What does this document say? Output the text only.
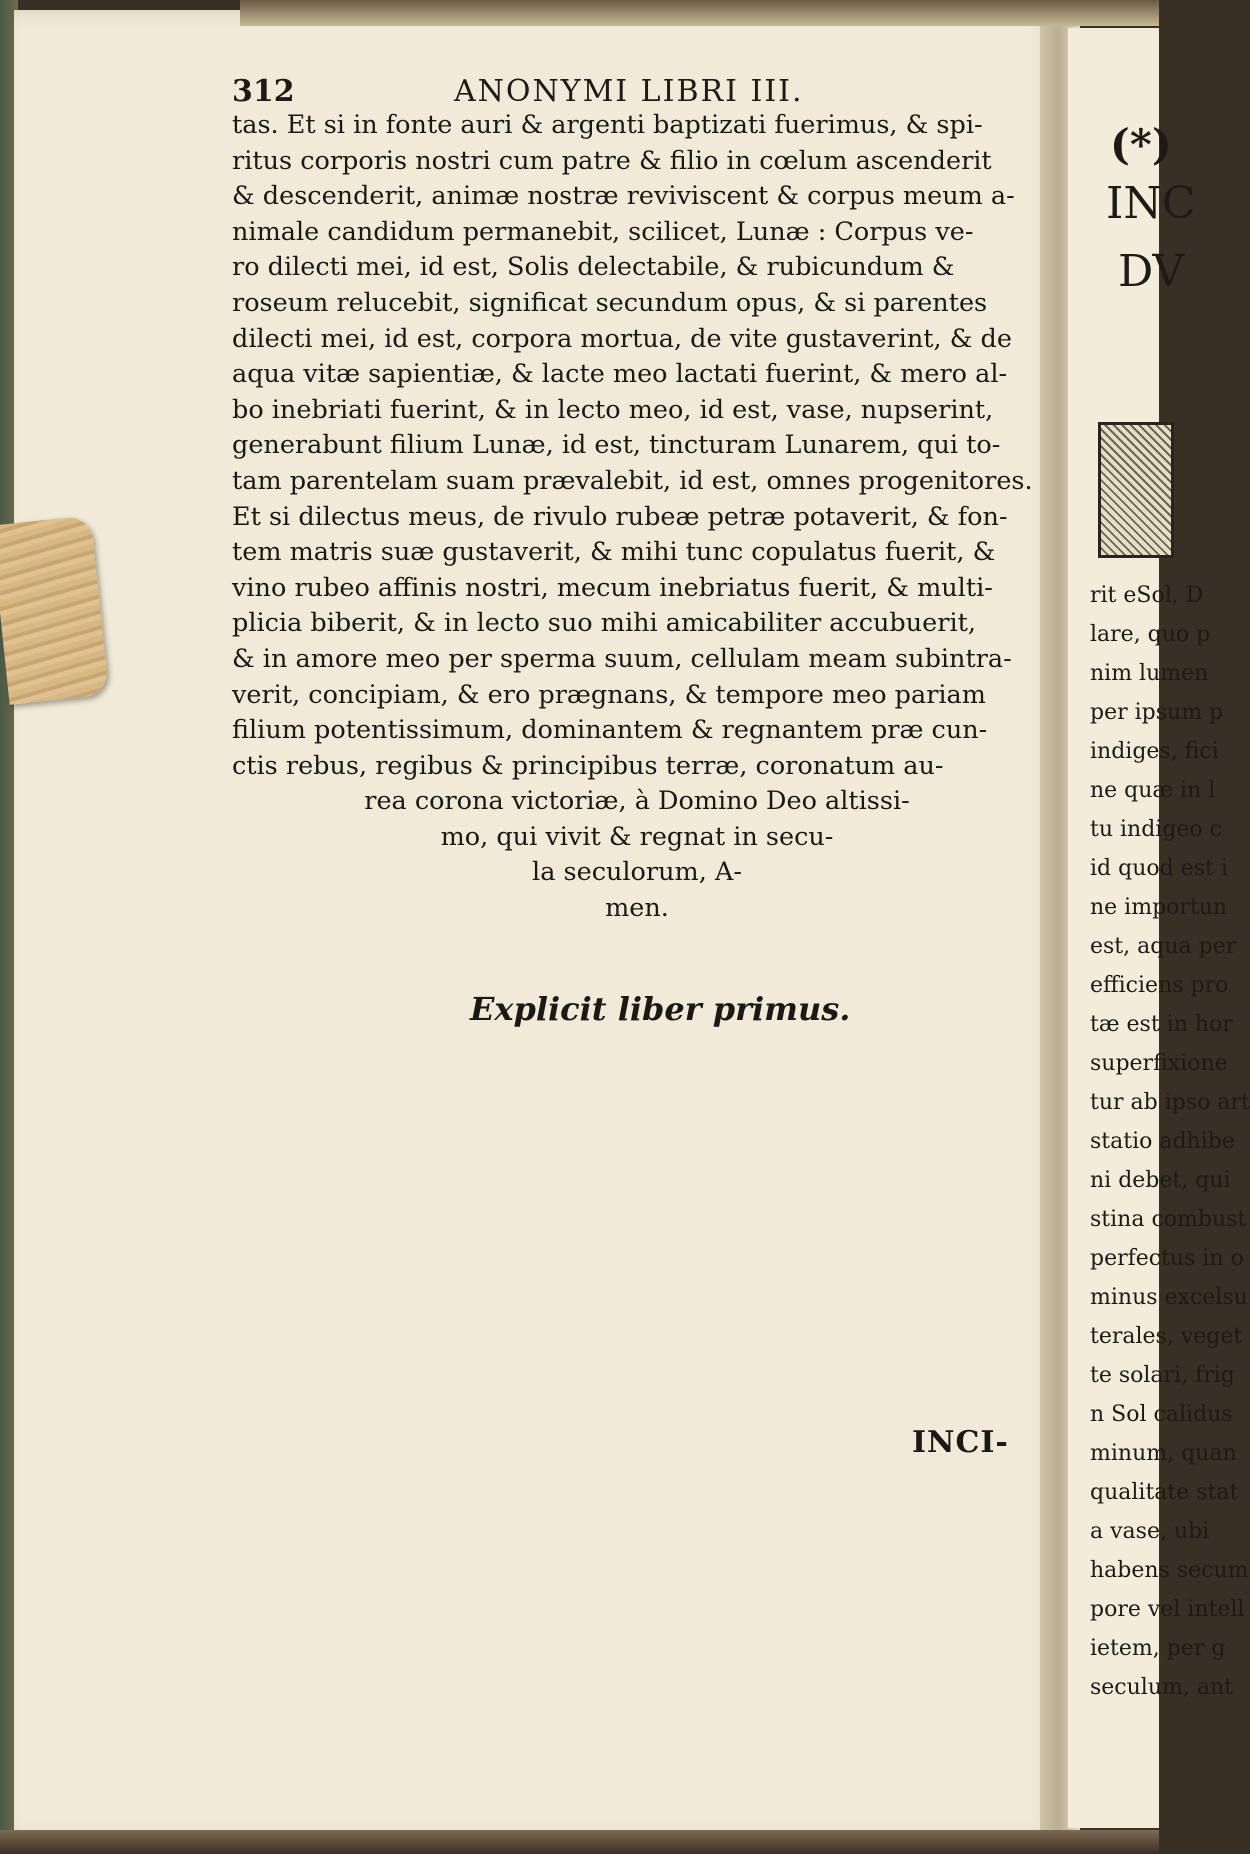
(*)
INC
DV
rit eSol, D
lare, quo p
nim lumen
per ipsum p
indiges, fici
ne quæ in l
tu indigeo c
id quod est i
ne importun
est, aqua per
efficiens pro
tæ est in hor
superfixione
tur ab ipso art
statio adhibe
ni debet, qui
stina combust
perfectus in o
minus excelsu
terales, veget
te solari, frig
n Sol calidus
minum, quan
qualitate stat
a vase, ubi
habens secum
pore vel intell
ietem, per g
seculum, ant
312	ANONYMI LIBRI III.
tas. Et si in fonte auri & argenti baptizati fuerimus, & spi-
ritus corporis nostri cum patre & filio in cœlum ascenderit
& descenderit, animæ nostræ reviviscent & corpus meum a-
nimale candidum permanebit, scilicet, Lunæ : Corpus ve-
ro dilecti mei, id est, Solis delectabile, & rubicundum &
roseum relucebit, significat secundum opus, & si parentes
dilecti mei, id est, corpora mortua, de vite gustaverint, & de
aqua vitæ sapientiæ, & lacte meo lactati fuerint, & mero al-
bo inebriati fuerint, & in lecto meo, id est, vase, nupserint,
generabunt filium Lunæ, id est, tincturam Lunarem, qui to-
tam parentelam suam prævalebit, id est, omnes progenitores.
Et si dilectus meus, de rivulo rubeæ petræ potaverit, & fon-
tem matris suæ gustaverit, & mihi tunc copulatus fuerit, &
vino rubeo affinis nostri, mecum inebriatus fuerit, & multi-
plicia biberit, & in lecto suo mihi amicabiliter accubuerit,
& in amore meo per sperma suum, cellulam meam subintra-
verit, concipiam, & ero prægnans, & tempore meo pariam
filium potentissimum, dominantem & regnantem præ cun-
ctis rebus, regibus & principibus terræ, coronatum au-
rea corona victoriæ, à Domino Deo altissi-
mo, qui vivit & regnat in secu-
la seculorum, A-
men.
Explicit liber primus.
INCI-
